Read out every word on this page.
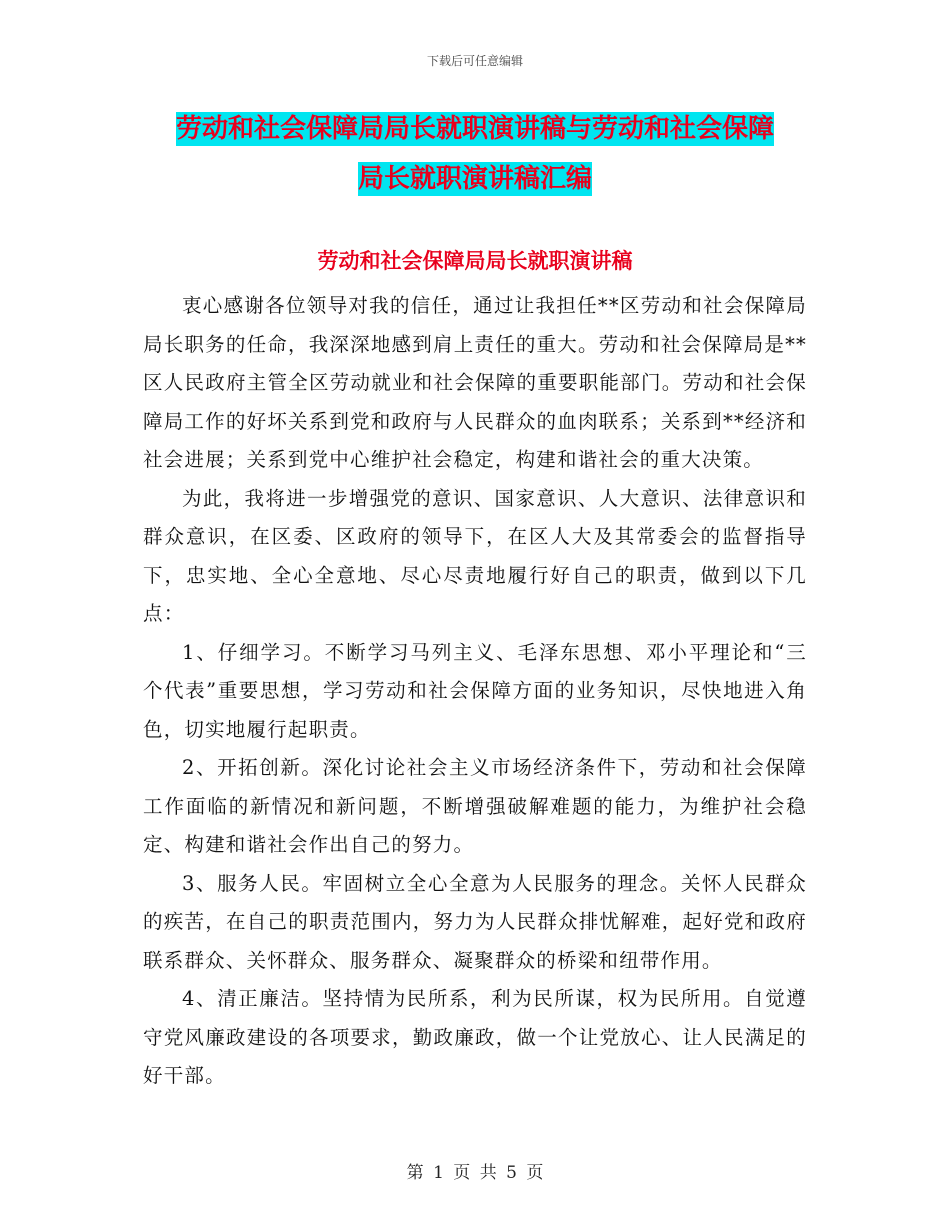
下载后可任意编辑
劳动和社会保障局局长就职演讲稿与劳动和社会保障
局长就职演讲稿汇编
劳动和社会保障局局长就职演讲稿

衷心感谢各位领导对我的信任，通过让我担任**区劳动和社会保障局局长职务的任命，我深深地感到肩上责任的重大。劳动和社会保障局是**区人民政府主管全区劳动就业和社会保障的重要职能部门。劳动和社会保障局工作的好坏关系到党和政府与人民群众的血肉联系；关系到**经济和社会进展；关系到党中心维护社会稳定，构建和谐社会的重大决策。

为此，我将进一步增强党的意识、国家意识、人大意识、法律意识和群众意识，在区委、区政府的领导下，在区人大及其常委会的监督指导下，忠实地、全心全意地、尽心尽责地履行好自己的职责，做到以下几点：

1、仔细学习。不断学习马列主义、毛泽东思想、邓小平理论和“三个代表”重要思想，学习劳动和社会保障方面的业务知识，尽快地进入角色，切实地履行起职责。

2、开拓创新。深化讨论社会主义市场经济条件下，劳动和社会保障工作面临的新情况和新问题，不断增强破解难题的能力，为维护社会稳定、构建和谐社会作出自己的努力。

3、服务人民。牢固树立全心全意为人民服务的理念。关怀人民群众的疾苦，在自己的职责范围内，努力为人民群众排忧解难，起好党和政府联系群众、关怀群众、服务群众、凝聚群众的桥梁和纽带作用。

4、清正廉洁。坚持情为民所系，利为民所谋，权为民所用。自觉遵守党风廉政建设的各项要求，勤政廉政，做一个让党放心、让人民满足的好干部。

第 1 页 共 5 页
